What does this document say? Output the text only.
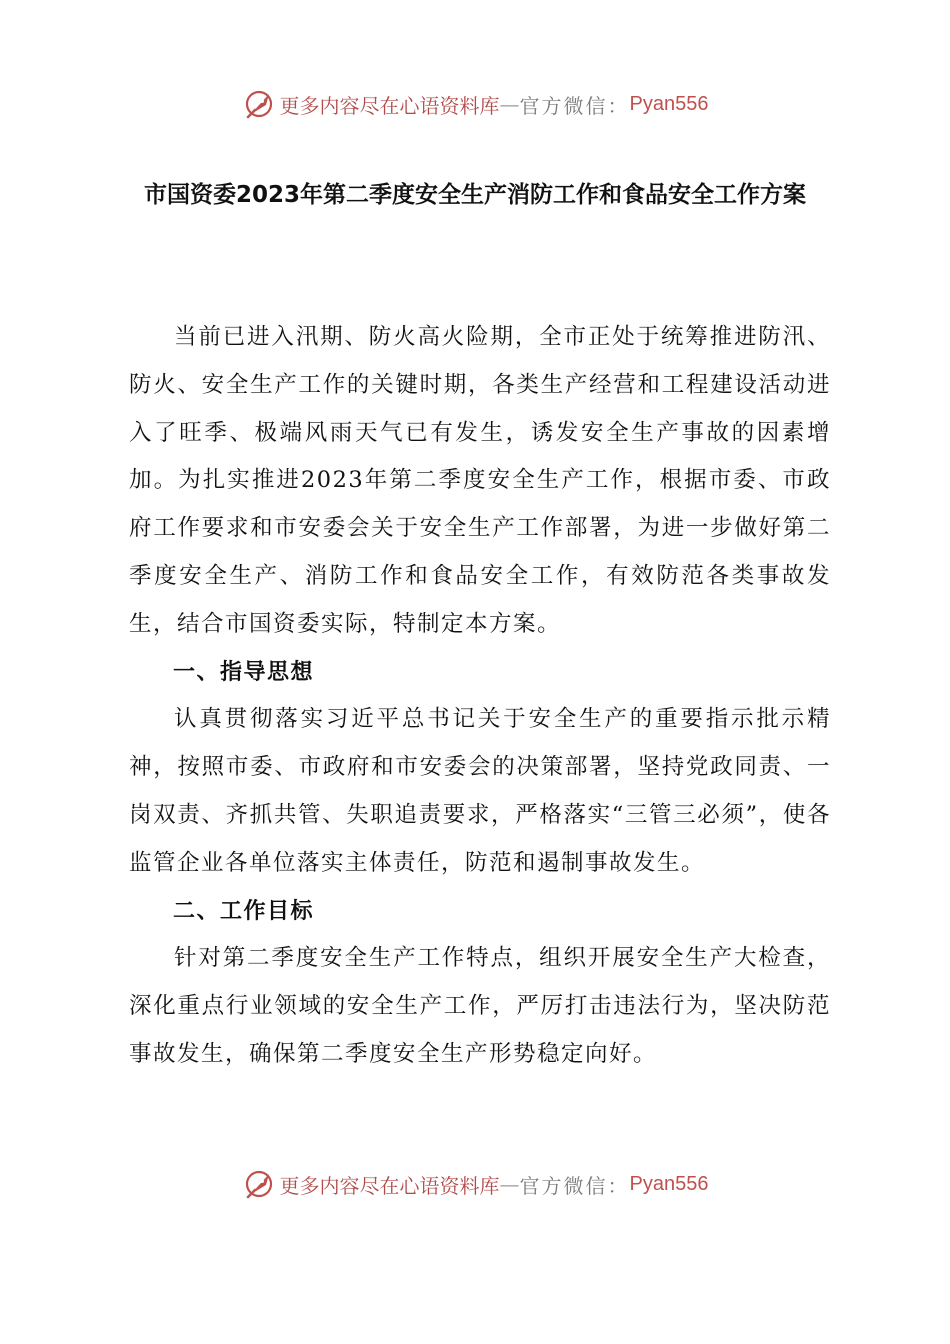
更多内容尽在心语资料库 — 官方微信： Pyan556
市国资委2023年第二季度安全生产消防工作和食品安全工作方案

当前已进入汛期、防火高火险期，全市正处于统筹推进防汛、防火、安全生产工作的关键时期，各类生产经营和工程建设活动进入了旺季、极端风雨天气已有发生，诱发安全生产事故的因素增加。为扎实推进2023年第二季度安全生产工作，根据市委、市政府工作要求和市安委会关于安全生产工作部署，为进一步做好第二季度安全生产、消防工作和食品安全工作，有效防范各类事故发生，结合市国资委实际，特制定本方案。

一、指导思想

认真贯彻落实习近平总书记关于安全生产的重要指示批示精神，按照市委、市政府和市安委会的决策部署，坚持党政同责、一岗双责、齐抓共管、失职追责要求，严格落实“三管三必须”，使各监管企业各单位落实主体责任，防范和遏制事故发生。

二、工作目标

针对第二季度安全生产工作特点，组织开展安全生产大检查，深化重点行业领域的安全生产工作，严厉打击违法行为，坚决防范事故发生，确保第二季度安全生产形势稳定向好。

更多内容尽在心语资料库 — 官方微信： Pyan556
